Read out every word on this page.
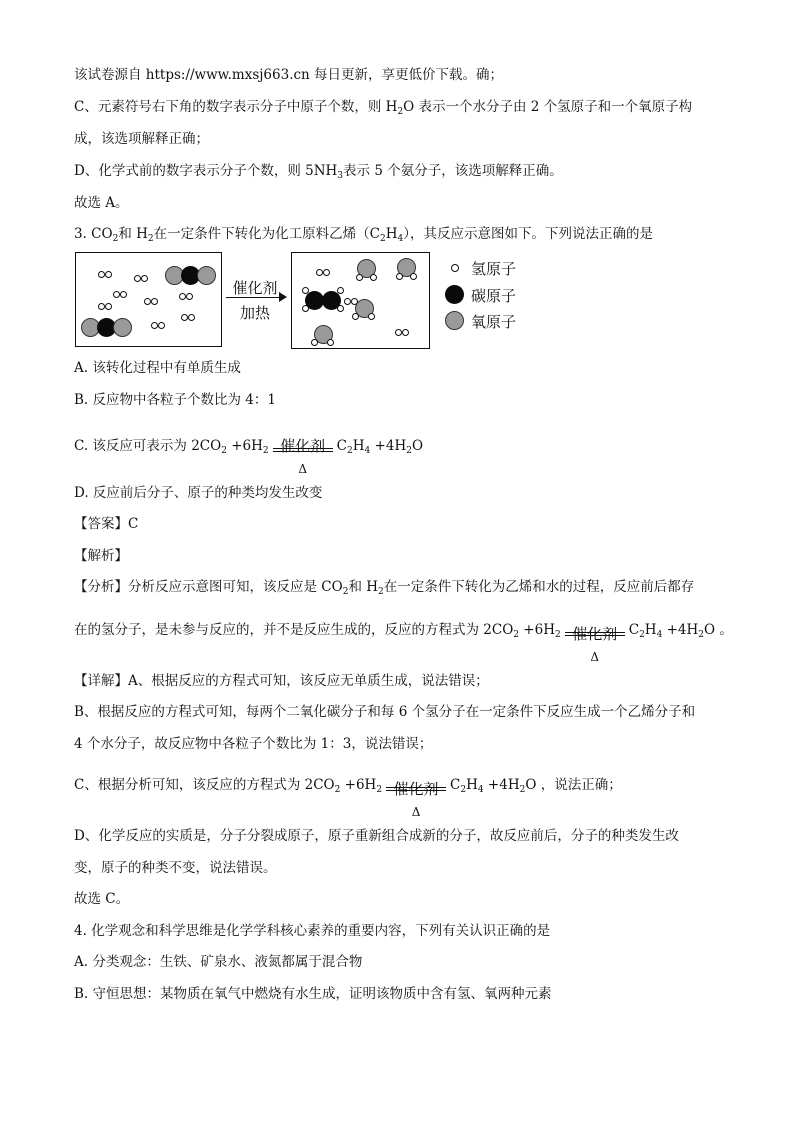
该试卷源自 https://www.mxsj663.cn 每日更新，享更低价下载。确；
C、元素符号右下角的数字表示分子中原子个数，则 $H_2O$ 表示一个水分子由 2 个氢原子和一个氧原子构
成，该选项解释正确；
D、化学式前的数字表示分子个数，则 $5NH_3$表示 5 个氨分子，该选项解释正确。
故选 A。
3. $CO_2$和 $H_2$在一定条件下转化为化工原料乙烯$(C_2H_4)$，其反应示意图如下。下列说法正确的是
催化剂
加热
氢原子
碳原子
氧原子
A. 该转化过程中有单质生成
B. 反应物中各粒子个数比为 4：1
C. 该反应可表示为 $2CO_2 +6H_2$ 催化剂
Δ
$C_2H_4 +4H_2O$
D. 反应前后分子、原子的种类均发生改变
【答案】C
【解析】
【分析】分析反应示意图可知，该反应是 $CO_2$和 $H_2$在一定条件下转化为乙烯和水的过程，反应前后都存
在的氢分子，是未参与反应的，并不是反应生成的，反应的方程式为 $2CO_2 +6H_2$ 催化剂
Δ
$C_2H_4 +4H_2O$ 。
【详解】A、根据反应的方程式可知，该反应无单质生成，说法错误；
B、根据反应的方程式可知，每两个二氧化碳分子和每 6 个氢分子在一定条件下反应生成一个乙烯分子和
4 个水分子，故反应物中各粒子个数比为 1：3，说法错误；
C、根据分析可知，该反应的方程式为 $2CO_2 +6H_2$ 催化剂
Δ
$C_2H_4 +4H_2O$ ，说法正确；
D、化学反应的实质是，分子分裂成原子，原子重新组合成新的分子，故反应前后，分子的种类发生改
变，原子的种类不变，说法错误。
故选 C。
4. 化学观念和科学思维是化学学科核心素养的重要内容，下列有关认识正确的是
A. 分类观念：生铁、矿泉水、液氮都属于混合物
B. 守恒思想：某物质在氧气中燃烧有水生成，证明该物质中含有氢、氧两种元素
